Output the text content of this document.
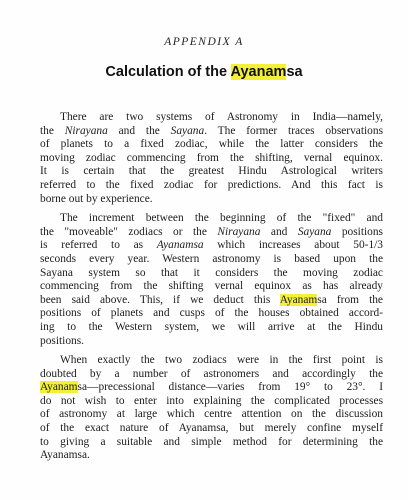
APPENDIX A
Calculation of the Ayanamsa

There are two systems of Astronomy in India—namely,
the Nirayana and the Sayana. The former traces observations
of planets to a fixed zodiac, while the latter considers the
moving zodiac commencing from the shifting, vernal equinox.
It is certain that the greatest Hindu Astrological writers
referred to the fixed zodiac for predictions. And this fact is
borne out by experience.

The increment between the beginning of the "fixed" and
the "moveable" zodiacs or the Nirayana and Sayana positions
is referred to as Ayanamsa which increases about 50-1/3
seconds every year. Western astronomy is based upon the
Sayana system so that it considers the moving zodiac
commencing from the shifting vernal equinox as has already
been said above. This, if we deduct this Ayanamsa from the
positions of planets and cusps of the houses obtained accord-
ing to the Western system, we will arrive at the Hindu
positions.

When exactly the two zodiacs were in the first point is
doubted by a number of astronomers and accordingly the
Ayanamsa—precessional distance—varies from 19° to 23°. I
do not wish to enter into explaining the complicated processes
of astronomy at large which centre attention on the discussion
of the exact nature of Ayanamsa, but merely confine myself
to giving a suitable and simple method for determining the
Ayanamsa.
